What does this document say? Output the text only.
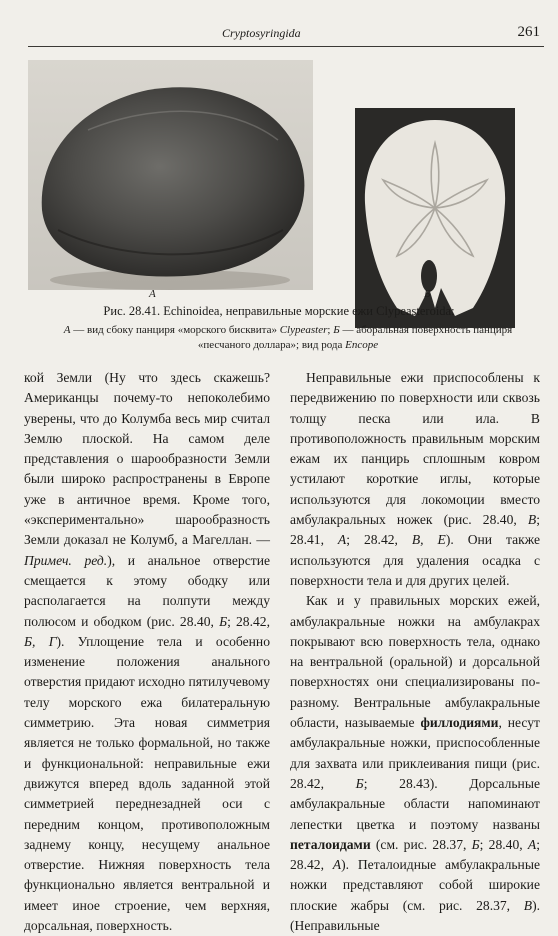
Cryptosyringida	261
А	Б
Рис. 28.41. Echinoidea, неправильные морские ежи Clypeasteroida:
А — вид сбоку панциря «морского бисквита» Clypeaster; Б — аборальная поверхность панциря «песчаного доллара»; вид рода Encope

кой Земли (Ну что здесь скажешь? Американцы почему-то непоколебимо уверены, что до Колумба весь мир считал Землю плоской. На самом деле представления о шарообразности Земли были широко распространены в Европе уже в античное время. Кроме того, «экспериментально» шарообразность Земли доказал не Колумб, а Магеллан. — Примеч. ред.), и анальное отверстие смещается к этому ободку или располагается на полпути между полюсом и ободком (рис. 28.40, Б; 28.42, Б, Г). Уплощение тела и особенно изменение положения анального отверстия придают исходно пятилучевому телу морского ежа билатеральную симметрию. Эта новая симметрия является не только формальной, но также и функциональной: неправильные ежи движутся вперед вдоль заданной этой симметрией переднезадней оси с передним концом, противоположным заднему концу, несущему анальное отверстие. Нижняя поверхность тела функционально является вентральной и имеет иное строение, чем верхняя, дорсальная, поверхность.

Неправильные ежи приспособлены к передвижению по поверхности или сквозь толщу песка или ила. В противоположность правильным морским ежам их панцирь сплошным ковром устилают короткие иглы, которые используются для локомоции вместо амбулакральных ножек (рис. 28.40, В; 28.41, А; 28.42, В, Е). Они также используются для удаления осадка с поверхности тела и для других целей.

Как и у правильных морских ежей, амбулакральные ножки на амбулакрах покрывают всю поверхность тела, однако на вентральной (оральной) и дорсальной поверхностях они специализированы по-разному. Вентральные амбулакральные области, называемые филлодиями, несут амбулакральные ножки, приспособленные для захвата или приклеивания пищи (рис. 28.42, Б; 28.43). Дорсальные амбулакральные области напоминают лепестки цветка и поэтому названы петалоидами (см. рис. 28.37, Б; 28.40, А; 28.42, А). Петалоидные амбулакральные ножки представляют собой широкие плоские жабры (см. рис. 28.37, В). (Неправильные
